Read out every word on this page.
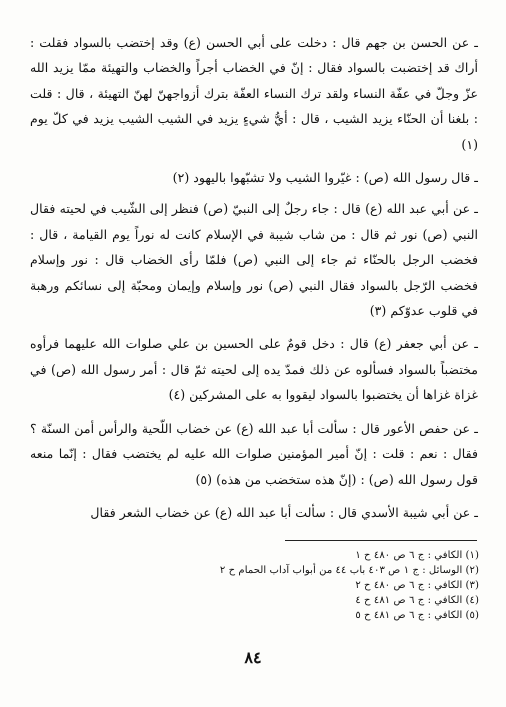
ـ عن الحسن بن جهم قال : دخلت على أبي الحسن (ع) وقد إختضب بالسواد فقلت : أراك قد إختضبت بالسواد فقال : إنّ في الخضاب أجراً والخضاب والتهيئة ممّا يزيد الله عزّ وجلّ في عفّة النساء ولقد ترك النساء العفّة بترك أزواجهنّ لهنّ التهيئة ، قال : قلت : بلغنا أن الحنّاء يزيد الشيب ، قال : أيُّ شيءٍ يزيد في الشيب الشيب يزيد في كلّ يوم (١)

ـ قال رسول الله (ص) : غيّروا الشيب ولا تشبّهوا باليهود (٢)

ـ عن أبي عبد الله (ع) قال : جاء رجلٌ إلى النبيّ (ص) فنظر إلى الشّيب في لحيته فقال النبي (ص) نور ثم قال : من شاب شيبة في الإسلام كانت له نوراً يوم القيامة ، قال : فخضب الرجل بالحنّاء ثم جاء إلى النبي (ص) فلمّا رأى الخضاب قال : نور وإسلام فخضب الرّجل بالسواد فقال النبي (ص) نور وإسلام وإيمان ومحبّة إلى نسائكم ورهبة في قلوب عدوّكم (٣)

ـ عن أبي جعفر (ع) قال : دخل قومٌ على الحسين بن علي صلوات الله عليهما فرأوه مختضباً بالسواد فسألوه عن ذلك فمدّ يده إلى لحيته ثمّ قال : أمر رسول الله (ص) في غزاة غزاها أن يختضبوا بالسواد ليقووا به على المشركين (٤)

ـ عن حفص الأعور قال : سألت أبا عبد الله (ع) عن خضاب اللّحية والرأس أمن السنّة ؟ فقال : نعم : قلت : إنّ أمير المؤمنين صلوات الله عليه لم يختضب فقال : إنّما منعه قول رسول الله (ص) : (إنّ هذه ستخضب من هذه) (٥)

ـ عن أبي شيبة الأسدي قال : سألت أبا عبد الله (ع) عن خضاب الشعر فقال

(١) الكافي : ج ٦ ص ٤٨٠ ح ١
(٢) الوسائل : ج ١ ص ٤٠٣ باب ٤٤ من أبواب آداب الحمام ح ٢
(٣) الكافي : ج ٦ ص ٤٨٠ ح ٢
(٤) الكافي : ج ٦ ص ٤٨١ ح ٤
(٥) الكافي : ج ٦ ص ٤٨١ ح ٥
٨٤
